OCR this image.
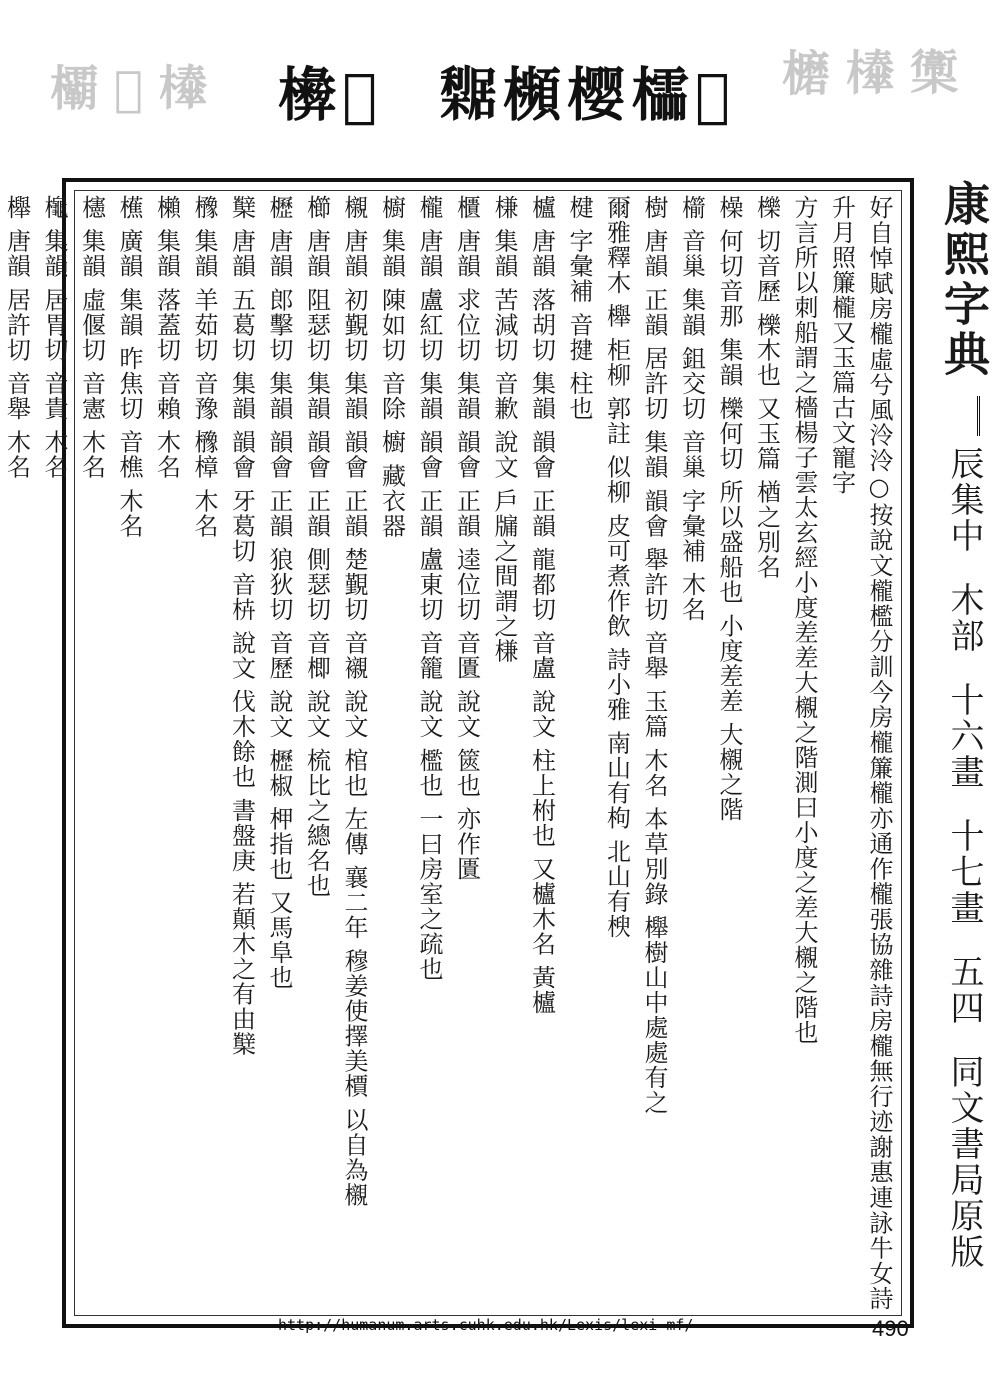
𣟗 𣞠 𣞴 㰋 樱 櫺 𣟠
𣠽 𣡡 𣞜	𣟖 𣞜 𣟉
好自悼賦房櫳虛兮風泠泠○按說文櫳檻分訓今房櫳簾櫳亦通作櫳張協雜詩房櫳無行迹謝惠連詠牛女詩升月照簾櫳又玉篇古文寵字
方言所以刺船謂之檣楊子雲太玄經小度差差大櫬之階測曰小度之差大櫬之階也
櫟 切音歷 櫟木也 又玉篇 楢之別名
橾 何切音那 集韻 櫟何切 所以盛船也 小度差差 大櫬之階
櫤 音巢 集韻 鉏交切 音巢 字彙補 木名
樹 唐韻 正韻 居許切 集韻 韻會 舉許切 音舉 玉篇 木名 本草別錄 櫸樹山中處處有之
爾雅釋木 櫸 柜柳 郭註 似柳 皮可煮作飲 詩小雅 南山有枸 北山有楰
楗 字彙補 音揵 柱也
櫨 唐韻 落胡切 集韻 韻會 正韻 龍都切 音盧 說文 柱上柎也 又櫨木名 黃櫨
槏 集韻 苦減切 音歉 說文 戶牖之間謂之槏
櫃 唐韻 求位切 集韻 韻會 正韻 逵位切 音匱 說文 篋也 亦作匱
櫳 唐韻 盧紅切 集韻 韻會 正韻 盧東切 音籠 說文 檻也 一曰房室之疏也
櫥 集韻 陳如切 音除 櫥 藏衣器
櫬 唐韻 初覲切 集韻 韻會 正韻 楚覲切 音襯 說文 棺也 左傳 襄二年 穆姜使擇美檟 以自為櫬
櫛 唐韻 阻瑟切 集韻 韻會 正韻 側瑟切 音楖 說文 梳比之總名也
櫪 唐韻 郎擊切 集韻 韻會 正韻 狼狄切 音歷 說文 櫪椒 柙指也 又馬阜也
櫱 唐韻 五葛切 集韻 韻會 牙葛切 音枿 說文 伐木餘也 書盤庚 若顛木之有由櫱
櫲 集韻 羊茹切 音豫 櫲樟 木名
櫴 集韻 落蓋切 音賴 木名
櫵 廣韻 集韻 昨焦切 音樵 木名
櫶 集韻 虛偃切 音憲 木名
櫷 集韻 居胃切 音貴 木名
櫸 唐韻 居許切 音舉 木名	康熙字典
辰集中
木部
十六畫
十七畫
五四
同文書局原版
http://humanum.arts.cuhk.edu.hk/Lexis/lexi-mf/	490
